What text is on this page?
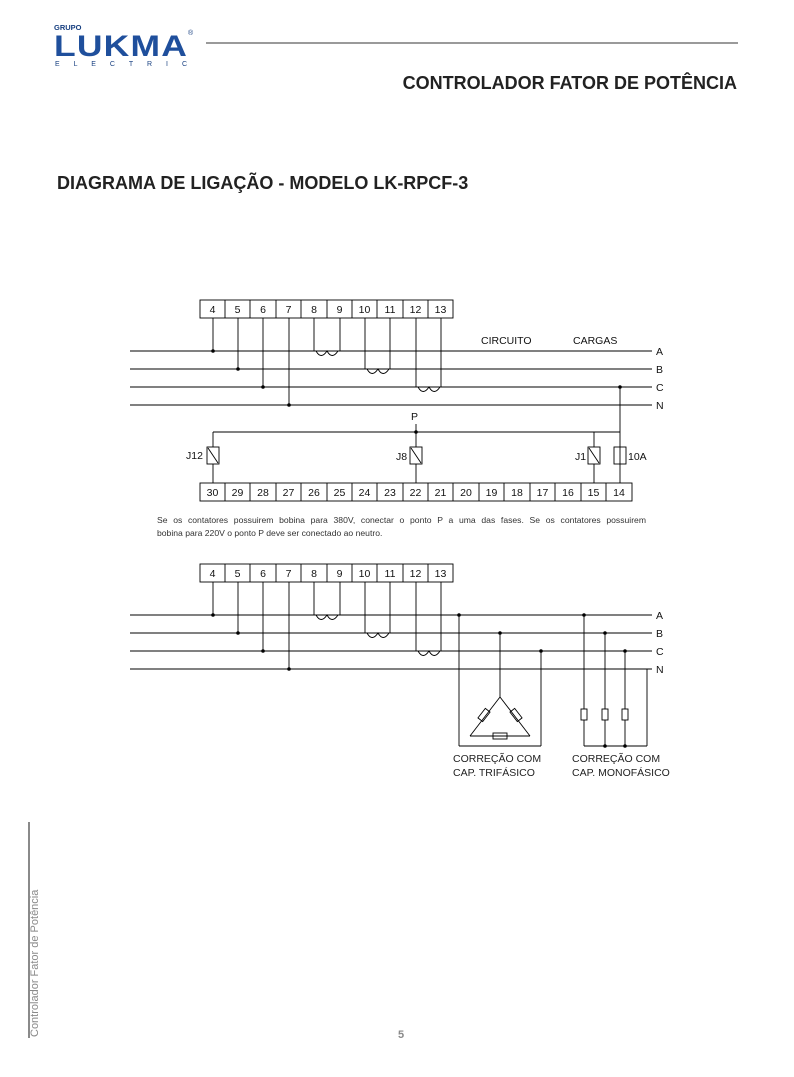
GRUPO
LUKMA ®
E L E C T R I C
CONTROLADOR FATOR DE POTÊNCIA
DIAGRAMA DE LIGAÇÃO - MODELO LK-RPCF-3
4 5 6 7 8 9 10 11 12 13
30 29 28 27 26 25 24 23 22 21 20 19 18 17 16 15 14
CIRCUITO	CARGAS
A
B
C
N
P
J12	J8	J1	10A
4 5 6 7 8 9 10 11 12 13
A
B
C
N
CORREÇÃO COM
CAP. TRIFÁSICO
CORREÇÃO COM
CAP. MONOFÁSICO
Se os contatores possuirem bobina para 380V, conectar o ponto P a uma das fases. Se os contatores possuirem
bobina para 220V o ponto P deve ser conectado ao neutro.
Controlador Fator de Potência	5
